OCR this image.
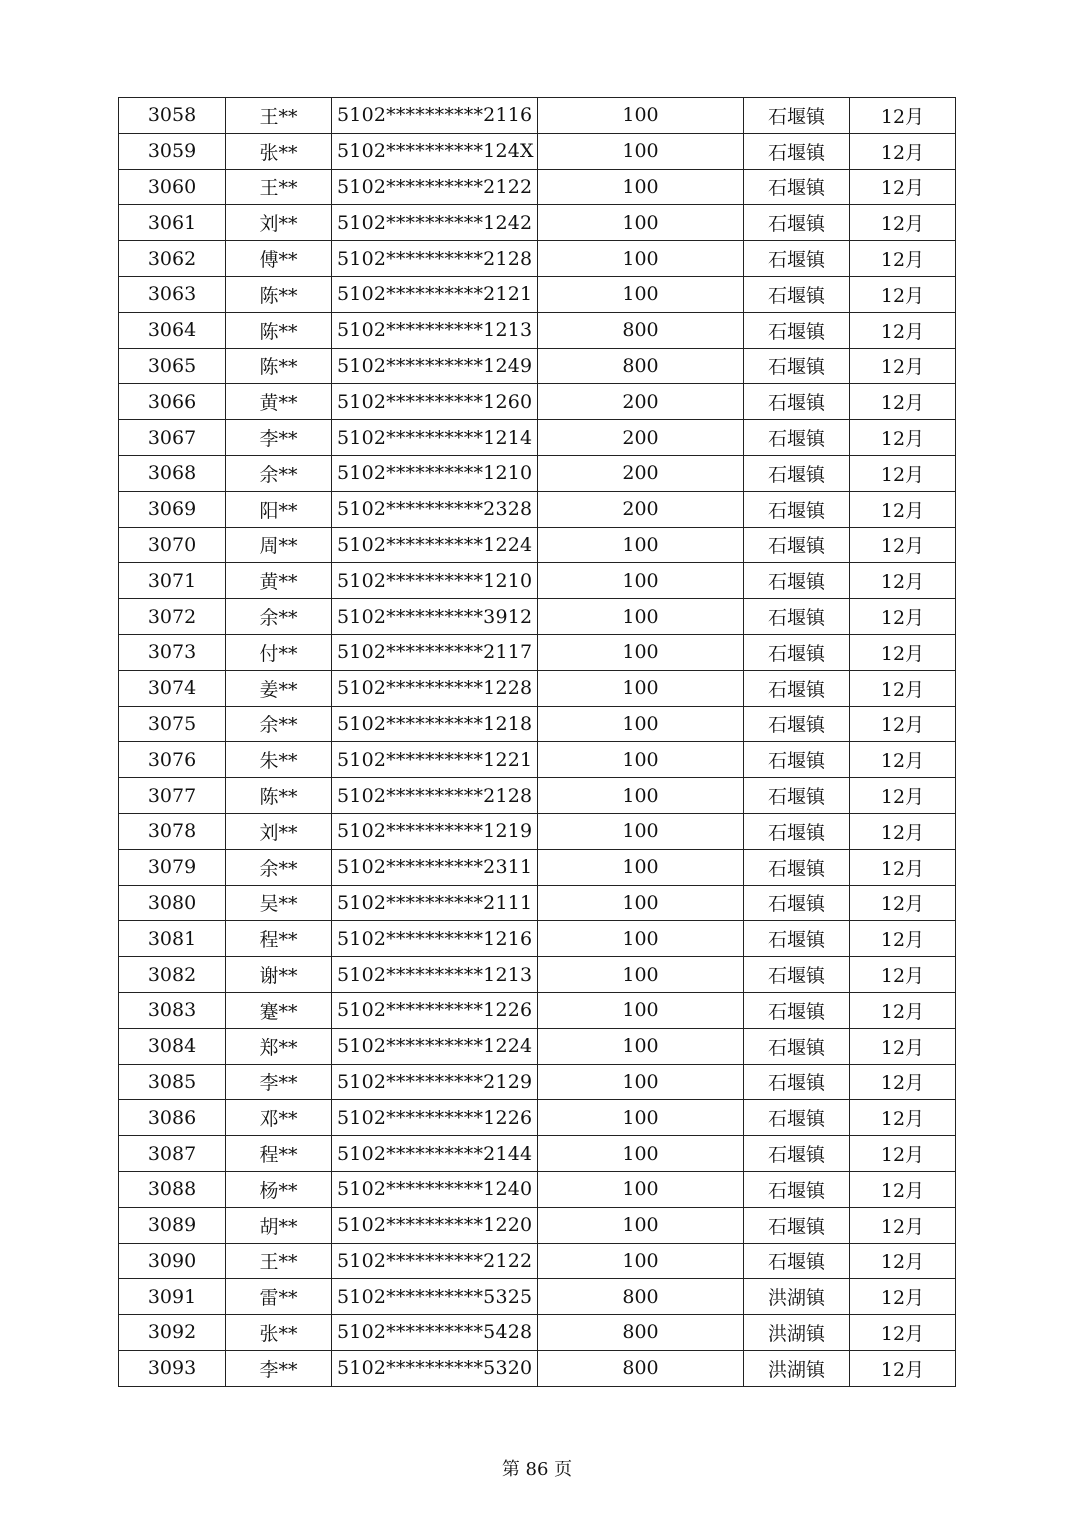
3058	王**	5102**********2116	100	石堰镇	12月
3059	张**	5102**********124X	100	石堰镇	12月
3060	王**	5102**********2122	100	石堰镇	12月
3061	刘**	5102**********1242	100	石堰镇	12月
3062	傅**	5102**********2128	100	石堰镇	12月
3063	陈**	5102**********2121	100	石堰镇	12月
3064	陈**	5102**********1213	800	石堰镇	12月
3065	陈**	5102**********1249	800	石堰镇	12月
3066	黄**	5102**********1260	200	石堰镇	12月
3067	李**	5102**********1214	200	石堰镇	12月
3068	余**	5102**********1210	200	石堰镇	12月
3069	阳**	5102**********2328	200	石堰镇	12月
3070	周**	5102**********1224	100	石堰镇	12月
3071	黄**	5102**********1210	100	石堰镇	12月
3072	余**	5102**********3912	100	石堰镇	12月
3073	付**	5102**********2117	100	石堰镇	12月
3074	姜**	5102**********1228	100	石堰镇	12月
3075	余**	5102**********1218	100	石堰镇	12月
3076	朱**	5102**********1221	100	石堰镇	12月
3077	陈**	5102**********2128	100	石堰镇	12月
3078	刘**	5102**********1219	100	石堰镇	12月
3079	余**	5102**********2311	100	石堰镇	12月
3080	吴**	5102**********2111	100	石堰镇	12月
3081	程**	5102**********1216	100	石堰镇	12月
3082	谢**	5102**********1213	100	石堰镇	12月
3083	蹇**	5102**********1226	100	石堰镇	12月
3084	郑**	5102**********1224	100	石堰镇	12月
3085	李**	5102**********2129	100	石堰镇	12月
3086	邓**	5102**********1226	100	石堰镇	12月
3087	程**	5102**********2144	100	石堰镇	12月
3088	杨**	5102**********1240	100	石堰镇	12月
3089	胡**	5102**********1220	100	石堰镇	12月
3090	王**	5102**********2122	100	石堰镇	12月
3091	雷**	5102**********5325	800	洪湖镇	12月
3092	张**	5102**********5428	800	洪湖镇	12月
3093	李**	5102**********5320	800	洪湖镇	12月
第 86 页
